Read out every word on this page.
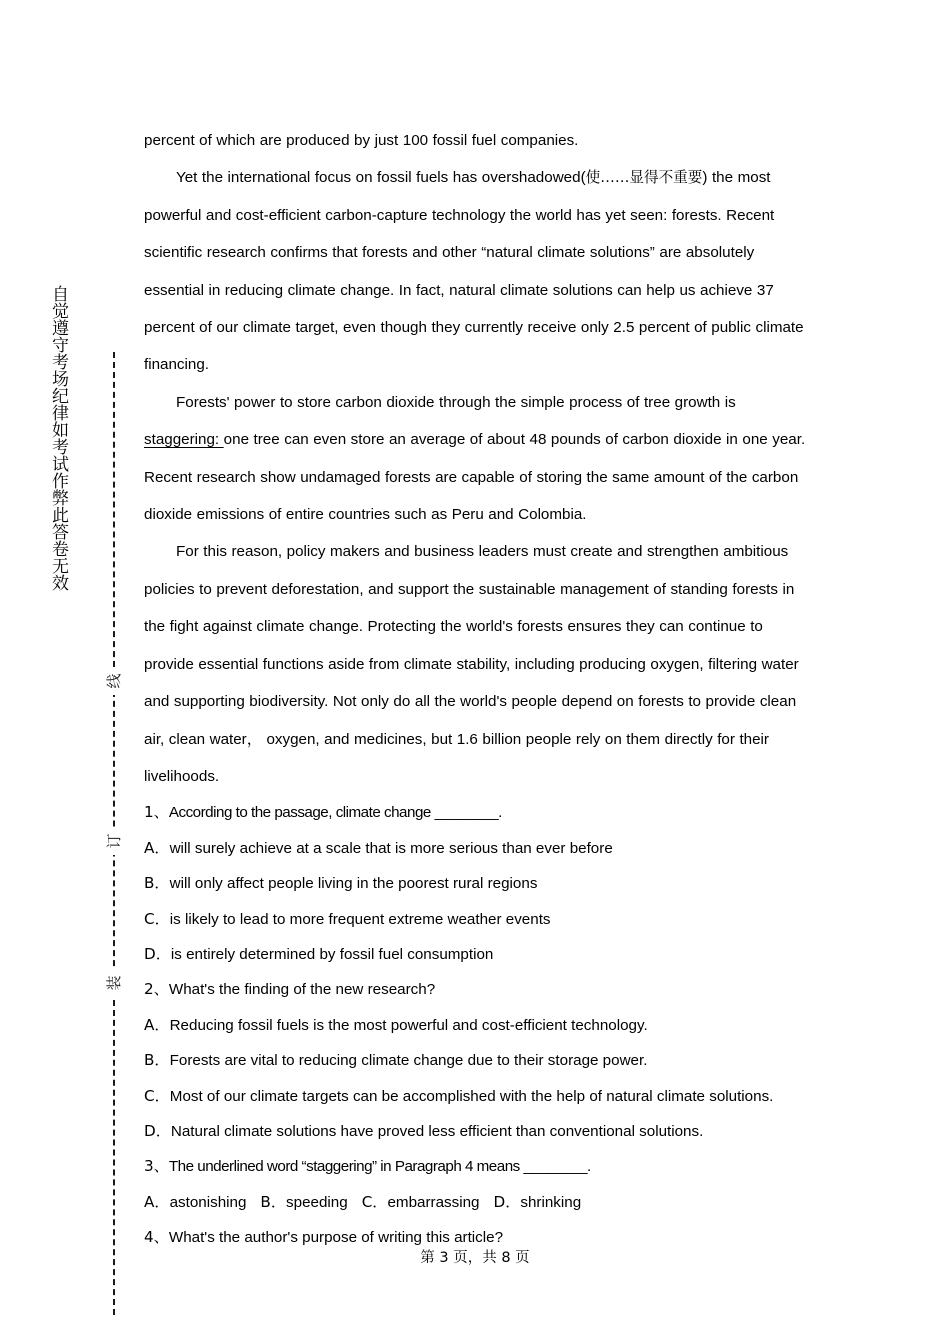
自觉遵守考场纪律如考试作弊此答卷无效
线
订
装

percent of which are produced by just 100 fossil fuel companies.

Yet the international focus on fossil fuels has overshadowed(使……显得不重要) the most powerful and cost-efficient carbon-capture technology the world has yet seen: forests. Recent scientific research confirms that forests and other “natural climate solutions” are absolutely essential in reducing climate change. In fact, natural climate solutions can help us achieve 37 percent of our climate target, even though they currently receive only 2.5 percent of public climate financing.

Forests' power to store carbon dioxide through the simple process of tree growth is staggering: one tree can even store an average of about 48 pounds of carbon dioxide in one year. Recent research show undamaged forests are capable of storing the same amount of the carbon dioxide emissions of entire countries such as Peru and Colombia.

For this reason, policy makers and business leaders must create and strengthen ambitious policies to prevent deforestation, and support the sustainable management of standing forests in the fight against climate change. Protecting the world's forests ensures they can continue to provide essential functions aside from climate stability, including producing oxygen, filtering water and supporting biodiversity. Not only do all the world's people depend on forests to provide clean air, clean water， oxygen, and medicines, but 1.6 billion people rely on them directly for their livelihoods.

1、According to the passage, climate change ________.

A．will surely achieve at a scale that is more serious than ever before

B．will only affect people living in the poorest rural regions

C．is likely to lead to more frequent extreme weather events

D．is entirely determined by fossil fuel consumption

2、What's the finding of the new research?

A．Reducing fossil fuels is the most powerful and cost-efficient technology.

B．Forests are vital to reducing climate change due to their storage power.

C．Most of our climate targets can be accomplished with the help of natural climate solutions.

D．Natural climate solutions have proved less efficient than conventional solutions.

3、The underlined word “staggering” in Paragraph 4 means ________.

A．astonishing B．speeding C．embarrassing D．shrinking

4、What's the author's purpose of writing this article?

第 3 页，共 8 页
